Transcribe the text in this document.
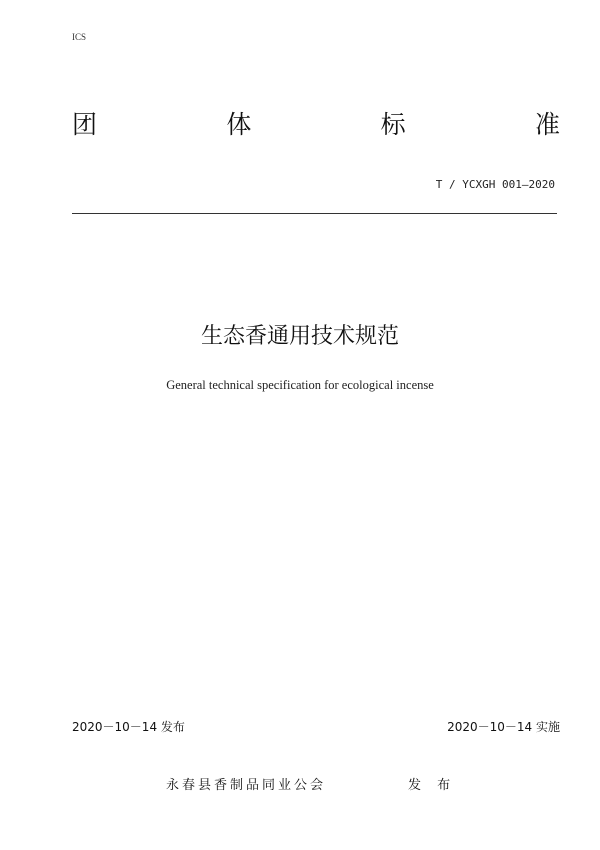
ICS
团	体	标	准
T / YCXGH 001—2020
生态香通用技术规范
General technical specification for ecological incense
2020－10－14 发布	2020－10－14 实施
永春县香制品同业公会	发 布
